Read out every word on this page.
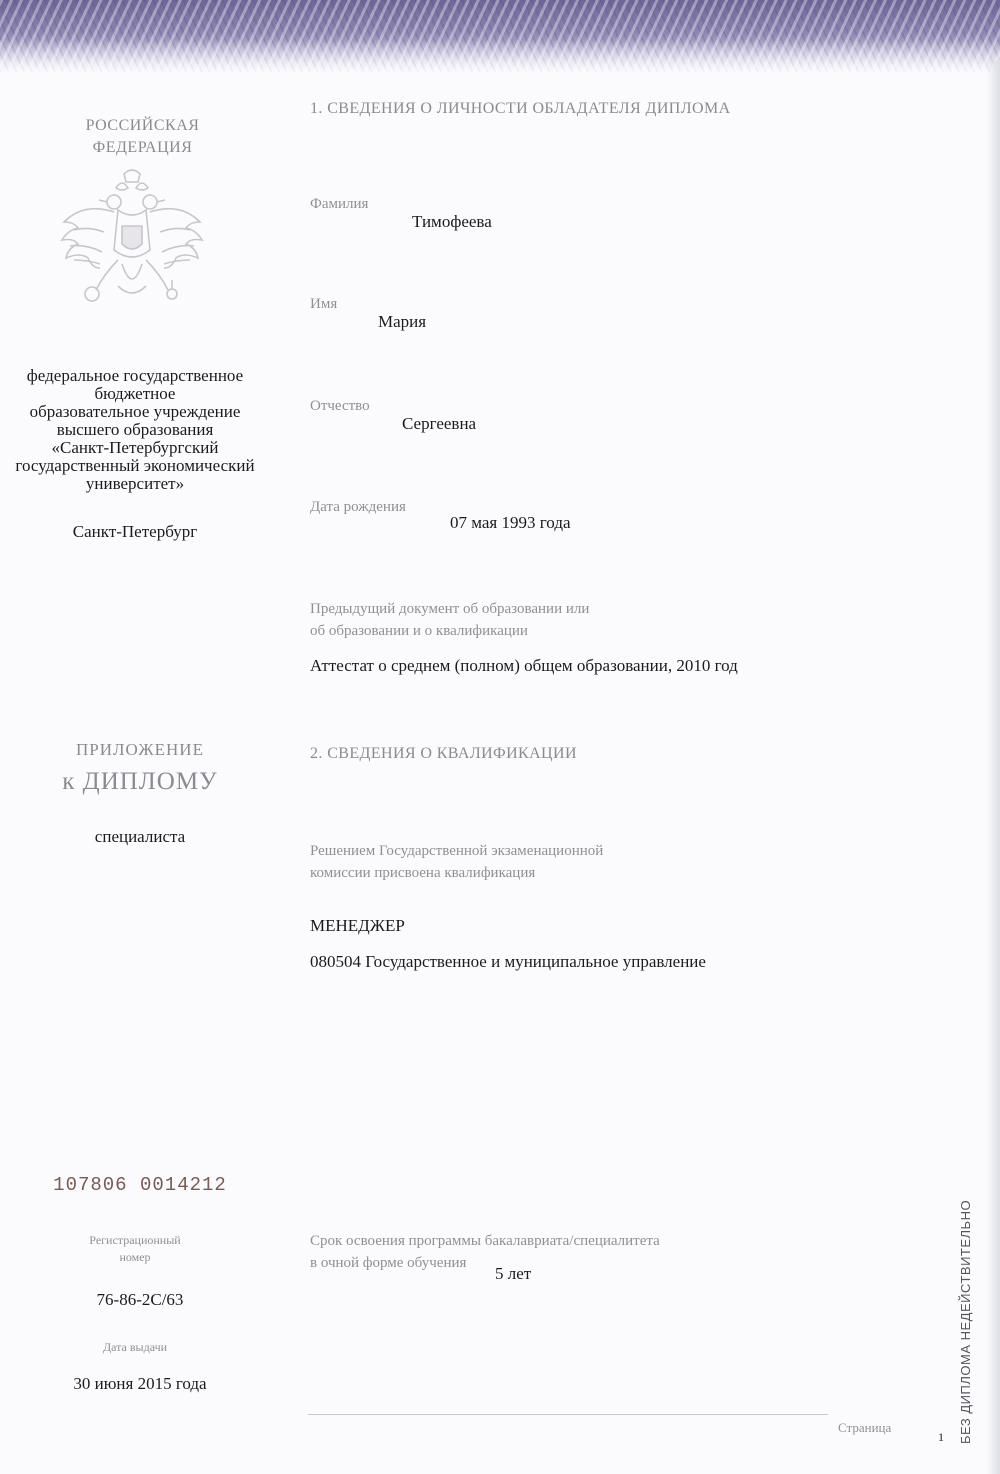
РОССИЙСКАЯ
ФЕДЕРАЦИЯ
федеральное государственное
бюджетное
образовательное учреждение
высшего образования
«Санкт-Петербургский
государственный экономический
университет»
Санкт-Петербург
ПРИЛОЖЕНИЕ
к ДИПЛОМУ
специалиста
107806 0014212
Регистрационный
номер
76-86-2С/63
Дата выдачи
30 июня 2015 года
1. СВЕДЕНИЯ О ЛИЧНОСТИ ОБЛАДАТЕЛЯ ДИПЛОМА
Фамилия
Тимофеева
Имя
Мария
Отчество
Сергеевна
Дата рождения
07 мая 1993 года
Предыдущий документ об образовании или
об образовании и о квалификации
Аттестат о среднем (полном) общем образовании, 2010 год
2. СВЕДЕНИЯ О КВАЛИФИКАЦИИ
Решением Государственной экзаменационной
комиссии присвоена квалификация
МЕНЕДЖЕР
080504 Государственное и муниципальное управление
Срок освоения программы бакалавриата/специалитета
в очной форме обучения
5 лет
Страница
1 БЕЗ ДИПЛОМА НЕДЕЙСТВИТЕЛЬНО
